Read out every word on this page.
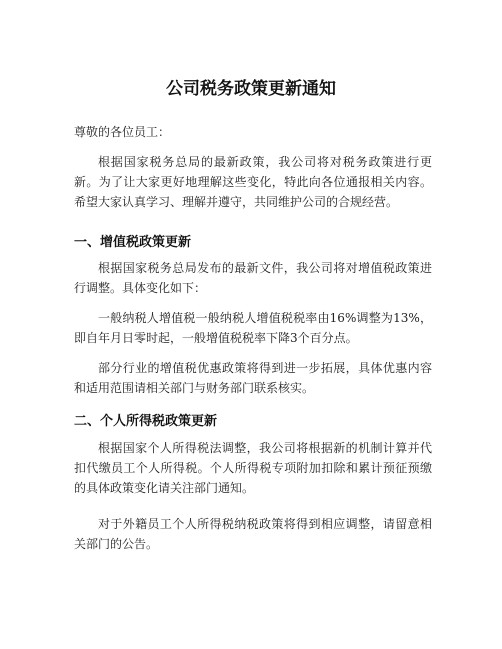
公司税务政策更新通知

尊敬的各位员工：

根据国家税务总局的最新政策，我公司将对税务政策进行更新。为了让大家更好地理解这些变化，特此向各位通报相关内容。希望大家认真学习、理解并遵守，共同维护公司的合规经营。

一、增值税政策更新

根据国家税务总局发布的最新文件，我公司将对增值税政策进行调整。具体变化如下：

一般纳税人增值税一般纳税人增值税税率由16%调整为13%，即自年月日零时起，一般增值税税率下降3个百分点。

部分行业的增值税优惠政策将得到进一步拓展，具体优惠内容和适用范围请相关部门与财务部门联系核实。

二、个人所得税政策更新

根据国家个人所得税法调整，我公司将根据新的机制计算并代扣代缴员工个人所得税。个人所得税专项附加扣除和累计预征预缴的具体政策变化请关注部门通知。

对于外籍员工个人所得税纳税政策将得到相应调整，请留意相关部门的公告。
